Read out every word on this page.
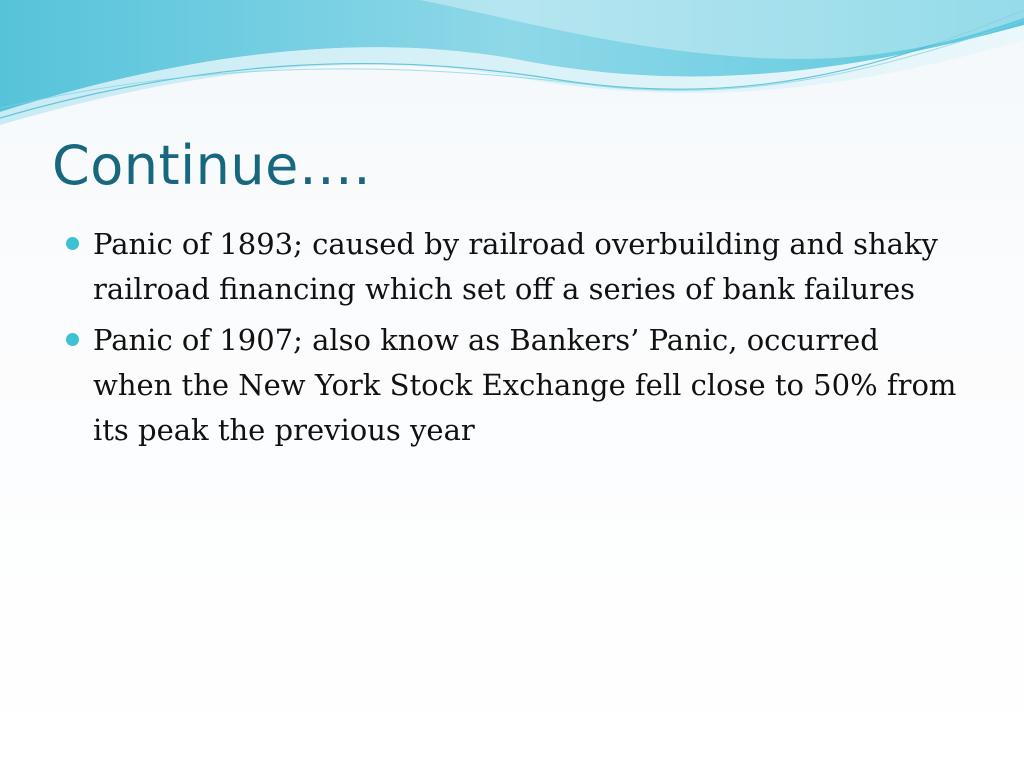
Continue….
Panic of 1893; caused by railroad overbuilding and shaky railroad financing which set off a series of bank failures
Panic of 1907; also know as Bankers’ Panic, occurred when the New York Stock Exchange fell close to 50% from its peak the previous year
